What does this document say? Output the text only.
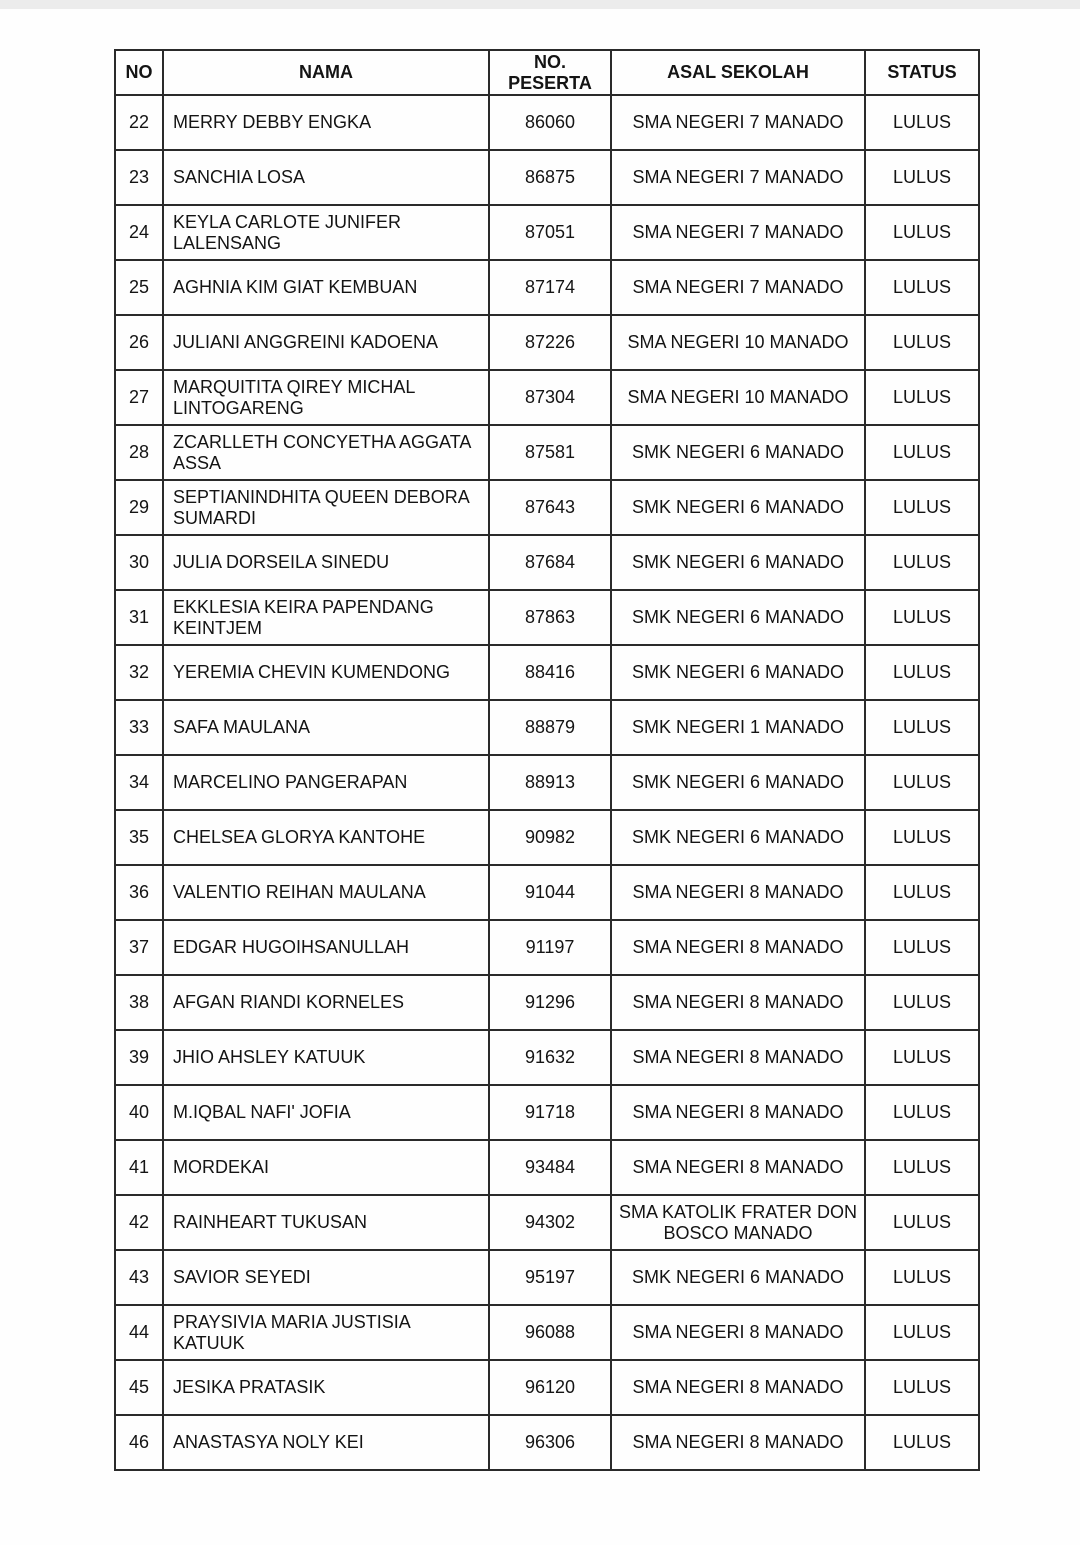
NO	NAMA	NO. PESERTA	ASAL SEKOLAH	STATUS
22	MERRY DEBBY ENGKA	86060	SMA NEGERI 7 MANADO	LULUS
23	SANCHIA LOSA	86875	SMA NEGERI 7 MANADO	LULUS
24	KEYLA CARLOTE JUNIFER LALENSANG	87051	SMA NEGERI 7 MANADO	LULUS
25	AGHNIA KIM GIAT KEMBUAN	87174	SMA NEGERI 7 MANADO	LULUS
26	JULIANI ANGGREINI KADOENA	87226	SMA NEGERI 10 MANADO	LULUS
27	MARQUITITA QIREY MICHAL LINTOGARENG	87304	SMA NEGERI 10 MANADO	LULUS
28	ZCARLLETH CONCYETHA AGGATA ASSA	87581	SMK NEGERI 6 MANADO	LULUS
29	SEPTIANINDHITA QUEEN DEBORA SUMARDI	87643	SMK NEGERI 6 MANADO	LULUS
30	JULIA DORSEILA SINEDU	87684	SMK NEGERI 6 MANADO	LULUS
31	EKKLESIA KEIRA PAPENDANG KEINTJEM	87863	SMK NEGERI 6 MANADO	LULUS
32	YEREMIA CHEVIN KUMENDONG	88416	SMK NEGERI 6 MANADO	LULUS
33	SAFA MAULANA	88879	SMK NEGERI 1 MANADO	LULUS
34	MARCELINO PANGERAPAN	88913	SMK NEGERI 6 MANADO	LULUS
35	CHELSEA GLORYA KANTOHE	90982	SMK NEGERI 6 MANADO	LULUS
36	VALENTIO REIHAN MAULANA	91044	SMA NEGERI 8 MANADO	LULUS
37	EDGAR HUGOIHSANULLAH	91197	SMA NEGERI 8 MANADO	LULUS
38	AFGAN RIANDI KORNELES	91296	SMA NEGERI 8 MANADO	LULUS
39	JHIO AHSLEY KATUUK	91632	SMA NEGERI 8 MANADO	LULUS
40	M.IQBAL NAFI' JOFIA	91718	SMA NEGERI 8 MANADO	LULUS
41	MORDEKAI	93484	SMA NEGERI 8 MANADO	LULUS
42	RAINHEART TUKUSAN	94302	SMA KATOLIK FRATER DON BOSCO MANADO	LULUS
43	SAVIOR SEYEDI	95197	SMK NEGERI 6 MANADO	LULUS
44	PRAYSIVIA MARIA JUSTISIA KATUUK	96088	SMA NEGERI 8 MANADO	LULUS
45	JESIKA PRATASIK	96120	SMA NEGERI 8 MANADO	LULUS
46	ANASTASYA NOLY KEI	96306	SMA NEGERI 8 MANADO	LULUS
